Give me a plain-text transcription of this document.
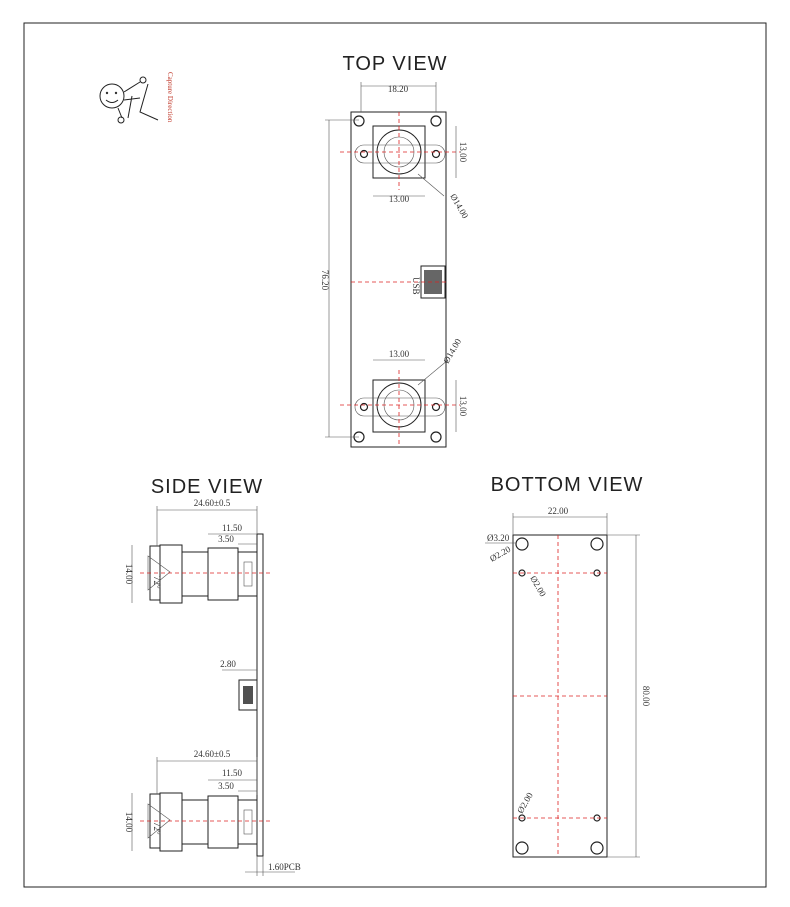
TOP VIEW
SIDE VIEW	BOTTOM VIEW
Capture Direction
USB
18.20
13.00
13.00	Ø14.00
76.20
13.00	Ø14.00
13.00
72°
72°
24.60±0.5
11.50
3.50
14.00
2.80
24.60±0.5
11.50
3.50
14.00
1.60PCB
22.00
Ø3.20
Ø2.20
Ø2.00
80.00
Ø2.00
